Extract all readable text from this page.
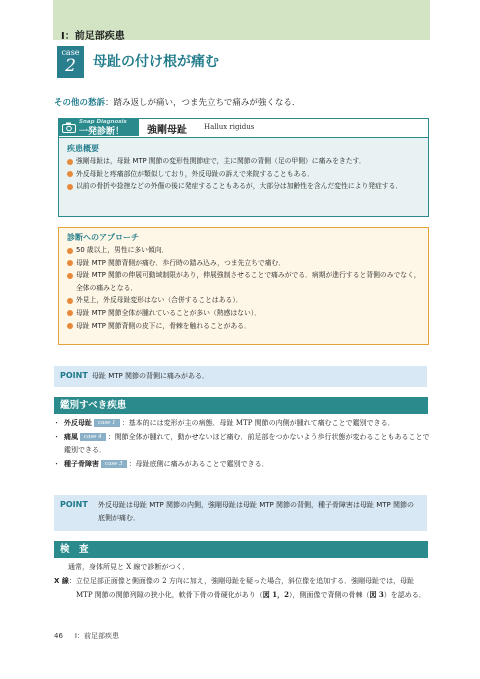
Ⅰ：前足部疾患
case
2	母趾の付け根が痛む
その他の愁訴：踏み返しが痛い，つま先立ちで痛みが強くなる．
Snap Diagnosis
一発診断！ 強剛母趾 Hallux rigidus
疾患概要
強剛母趾は，母趾 MTP 関節の変形性関節症で，主に関節の背側（足の甲側）に痛みをきたす．
外反母趾と疼痛部位が類似しており，外反母趾の訴えで来院することもある．
以前の骨折や捻挫などの外傷の後に発症することもあるが，大部分は加齢性を含んだ変性により発症する．
診断へのアプローチ
50 歳以上，男性に多い傾向．
母趾 MTP 関節背側が痛む．歩行時の踏み込み，つま先立ちで痛む．
母趾 MTP 関節の伸展可動域制限があり，伸展強制させることで痛みがでる．病期が進行すると背側のみでなく，全体の痛みとなる．
外見上，外反母趾変形はない（合併することはある）．
母趾 MTP 関節全体が腫れていることが多い（熱感はない）．
母趾 MTP 関節背側の皮下に，骨棘を触れることがある．
POINT 母趾 MTP 関節の背側に痛みがある．
鑑別すべき疾患
・ 外反母趾 case 1 ：基本的には変形が主の病態．母趾 MTP 関節の内側が腫れて痛むことで鑑別できる．
・ 痛風 case 4 ：関節全体が腫れて，動かせないほど痛む．前足部をつかないよう歩行状態が変わることもあることで鑑別できる．
・ 種子骨障害 case 3 ：母趾底側に痛みがあることで鑑別できる．
POINT 外反母趾は母趾 MTP 関節の内側，強剛母趾は母趾 MTP 関節の背側，種子骨障害は母趾 MTP 関節の底側が痛む．
検　査

通常，身体所見と X 線で診断がつく．

X 線：立位足部正面像と側面像の 2 方向に加え，強剛母趾を疑った場合，斜位像を追加する．強剛母趾では，母趾 MTP 関節の関節列隙の狭小化，軟骨下骨の骨硬化があり（図 1，2），側面像で背側の骨棘（図 3）を認める．

46 Ⅰ：前足部疾患
